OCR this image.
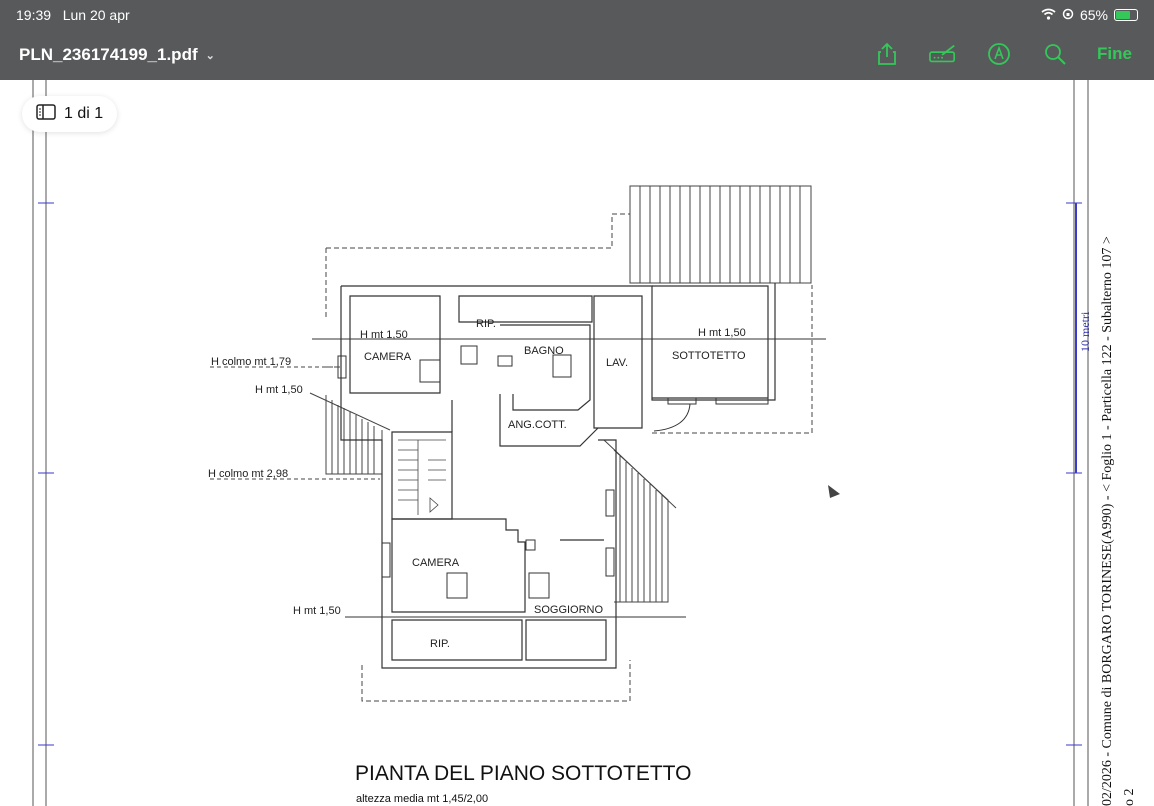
19:39 Lun 20 apr	65%
PLN_236174199_1.pdf ⌄	Fine
RIP.
CAMERA	BAGNO
LAV.
SOTTOTETTO
ANG.COTT.
CAMERA
SOGGIORNO
RIP.
H mt 1,50	H mt 1,50
H mt 1,50
H mt 1,50
H colmo mt 1,79
H colmo mt 2,98
1 di 1
PIANTA DEL PIANO SOTTOTETTO
altezza media mt 1,45/2,00	02/2026 - Comune di BORGARO TORINESE(A990) - < Foglio 1 - Particella 122 - Subalterno 107 > o 2
10 metri
